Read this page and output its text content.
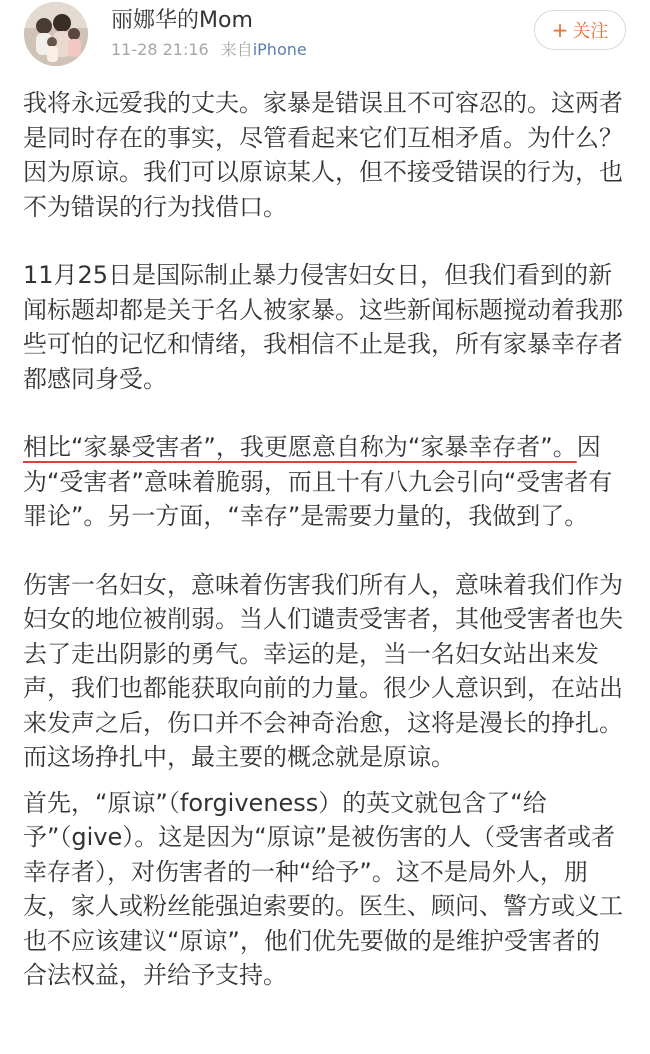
丽娜华的Mom
11-28 21:16 来自iPhone
+ 关注

我将永远爱我的丈夫。家暴是错误且不可容忍的。这两者是同时存在的事实，尽管看起来它们互相矛盾。为什么？因为原谅。我们可以原谅某人，但不接受错误的行为，也不为错误的行为找借口。

11月25日是国际制止暴力侵害妇女日，但我们看到的新闻标题却都是关于名人被家暴。这些新闻标题搅动着我那些可怕的记忆和情绪，我相信不止是我，所有家暴幸存者都感同身受。

相比“家暴受害者”，我更愿意自称为“家暴幸存者”。因为“受害者”意味着脆弱，而且十有八九会引向“受害者有罪论”。另一方面，“幸存”是需要力量的，我做到了。

伤害一名妇女，意味着伤害我们所有人，意味着我们作为妇女的地位被削弱。当人们谴责受害者，其他受害者也失去了走出阴影的勇气。幸运的是，当一名妇女站出来发声，我们也都能获取向前的力量。很少人意识到，在站出来发声之后，伤口并不会神奇治愈，这将是漫长的挣扎。而这场挣扎中，最主要的概念就是原谅。

首先，“原谅”（forgiveness）的英文就包含了“给予”（give）。这是因为“原谅”是被伤害的人（受害者或者幸存者），对伤害者的一种“给予”。这不是局外人，朋友，家人或粉丝能强迫索要的。医生、顾问、警方或义工也不应该建议“原谅”，他们优先要做的是维护受害者的合法权益，并给予支持。
